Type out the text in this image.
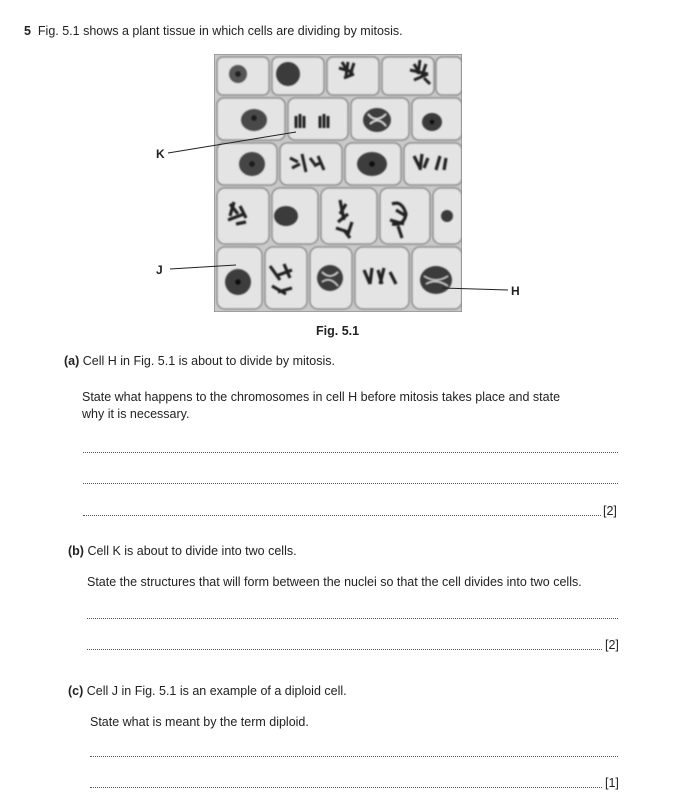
5 Fig. 5.1 shows a plant tissue in which cells are dividing by mitosis.
K
J
H
Fig. 5.1
(a) Cell H in Fig. 5.1 is about to divide by mitosis.
State what happens to the chromosomes in cell H before mitosis takes place and state
why it is necessary.
[2]
(b) Cell K is about to divide into two cells.
State the structures that will form between the nuclei so that the cell divides into two cells.
[2]
(c) Cell J in Fig. 5.1 is an example of a diploid cell.
State what is meant by the term diploid.
[1]
